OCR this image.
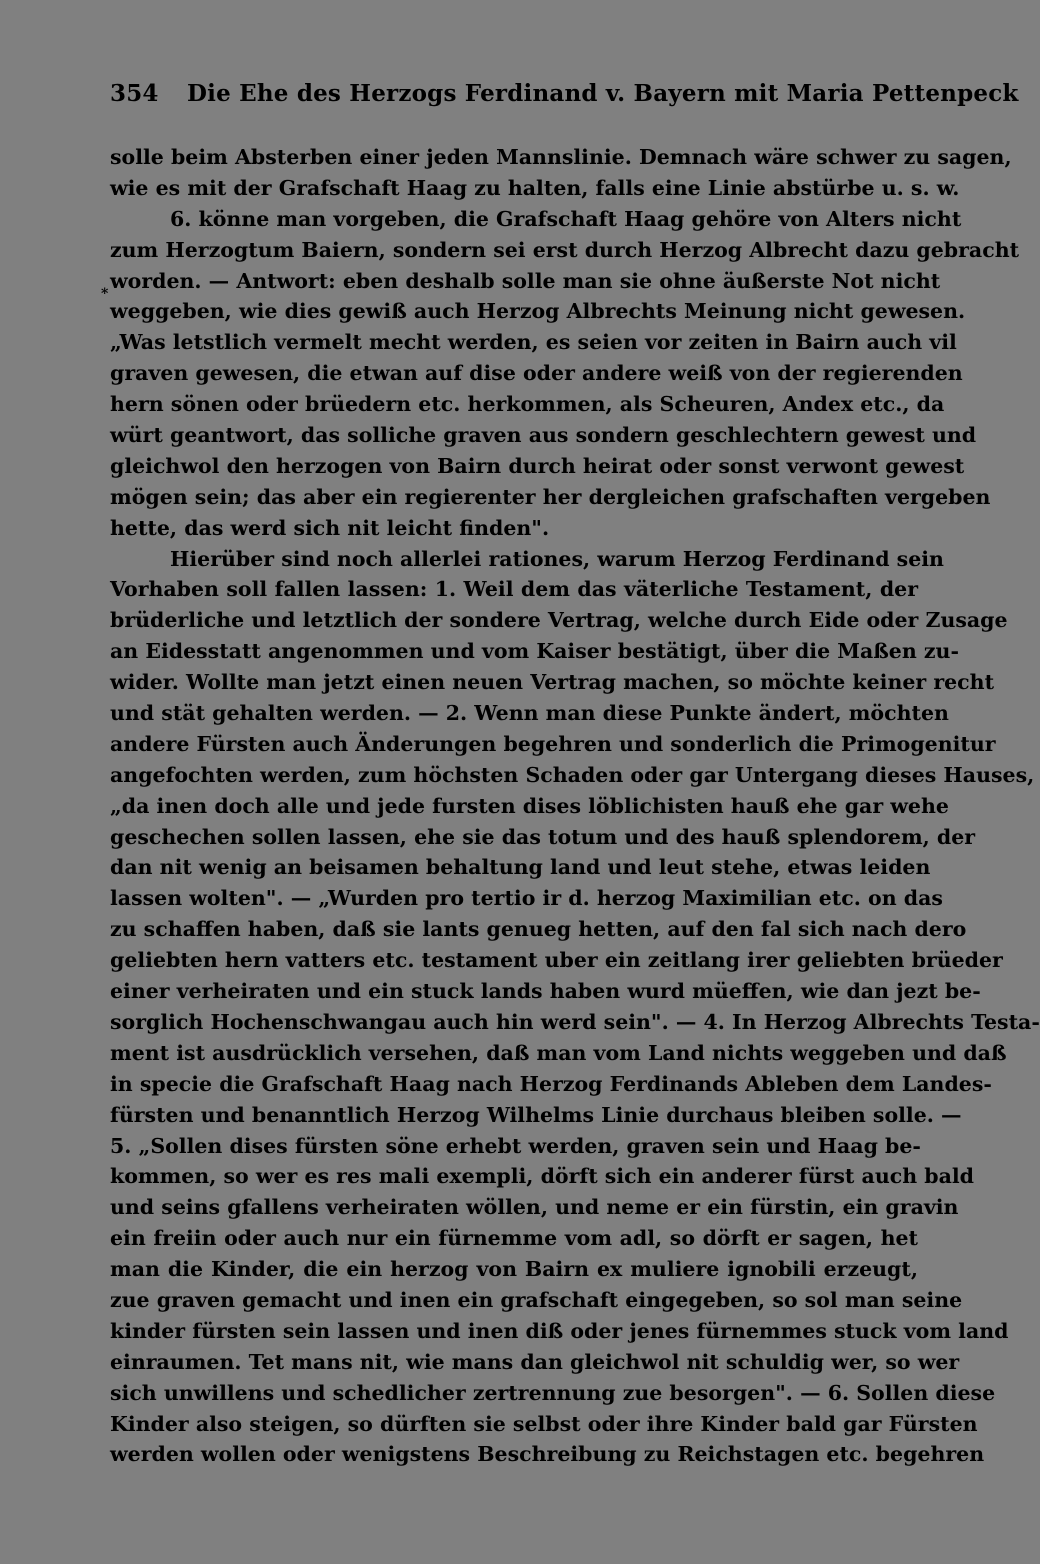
354 Die Ehe des Herzogs Ferdinand v. Bayern mit Maria Pettenpeck
*
solle beim Absterben einer jeden Mannslinie. Demnach wäre schwer zu sagen,
wie es mit der Grafschaft Haag zu halten, falls eine Linie abstürbe u. s. w.
6. könne man vorgeben, die Grafschaft Haag gehöre von Alters nicht
zum Herzogtum Baiern, sondern sei erst durch Herzog Albrecht dazu gebracht
worden. — Antwort: eben deshalb solle man sie ohne äußerste Not nicht
weggeben, wie dies gewiß auch Herzog Albrechts Meinung nicht gewesen.
„Was letstlich vermelt mecht werden, es seien vor zeiten in Bairn auch vil
graven gewesen, die etwan auf dise oder andere weiß von der regierenden
hern sönen oder brüedern etc. herkommen, als Scheuren, Andex etc., da
würt geantwort, das solliche graven aus sondern geschlechtern gewest und
gleichwol den herzogen von Bairn durch heirat oder sonst verwont gewest
mögen sein; das aber ein regierenter her dergleichen grafschaften vergeben
hette, das werd sich nit leicht finden".
Hierüber sind noch allerlei rationes, warum Herzog Ferdinand sein
Vorhaben soll fallen lassen: 1. Weil dem das väterliche Testament, der
brüderliche und letztlich der sondere Vertrag, welche durch Eide oder Zusage
an Eidesstatt angenommen und vom Kaiser bestätigt, über die Maßen zu-
wider. Wollte man jetzt einen neuen Vertrag machen, so möchte keiner recht
und stät gehalten werden. — 2. Wenn man diese Punkte ändert, möchten
andere Fürsten auch Änderungen begehren und sonderlich die Primogenitur
angefochten werden, zum höchsten Schaden oder gar Untergang dieses Hauses,
„da inen doch alle und jede fursten dises löblichisten hauß ehe gar wehe
geschechen sollen lassen, ehe sie das totum und des hauß splendorem, der
dan nit wenig an beisamen behaltung land und leut stehe, etwas leiden
lassen wolten". — „Wurden pro tertio ir d. herzog Maximilian etc. on das
zu schaffen haben, daß sie lants genueg hetten, auf den fal sich nach dero
geliebten hern vatters etc. testament uber ein zeitlang irer geliebten brüeder
einer verheiraten und ein stuck lands haben wurd müeffen, wie dan jezt be-
sorglich Hochenschwangau auch hin werd sein". — 4. In Herzog Albrechts Testa-
ment ist ausdrücklich versehen, daß man vom Land nichts weggeben und daß
in specie die Grafschaft Haag nach Herzog Ferdinands Ableben dem Landes-
fürsten und benanntlich Herzog Wilhelms Linie durchaus bleiben solle. —
5. „Sollen dises fürsten söne erhebt werden, graven sein und Haag be-
kommen, so wer es res mali exempli, dörft sich ein anderer fürst auch bald
und seins gfallens verheiraten wöllen, und neme er ein fürstin, ein gravin
ein freiin oder auch nur ein fürnemme vom adl, so dörft er sagen, het
man die Kinder, die ein herzog von Bairn ex muliere ignobili erzeugt,
zue graven gemacht und inen ein grafschaft eingegeben, so sol man seine
kinder fürsten sein lassen und inen diß oder jenes fürnemmes stuck vom land
einraumen. Tet mans nit, wie mans dan gleichwol nit schuldig wer, so wer
sich unwillens und schedlicher zertrennung zue besorgen". — 6. Sollen diese
Kinder also steigen, so dürften sie selbst oder ihre Kinder bald gar Fürsten
werden wollen oder wenigstens Beschreibung zu Reichstagen etc. begehren
